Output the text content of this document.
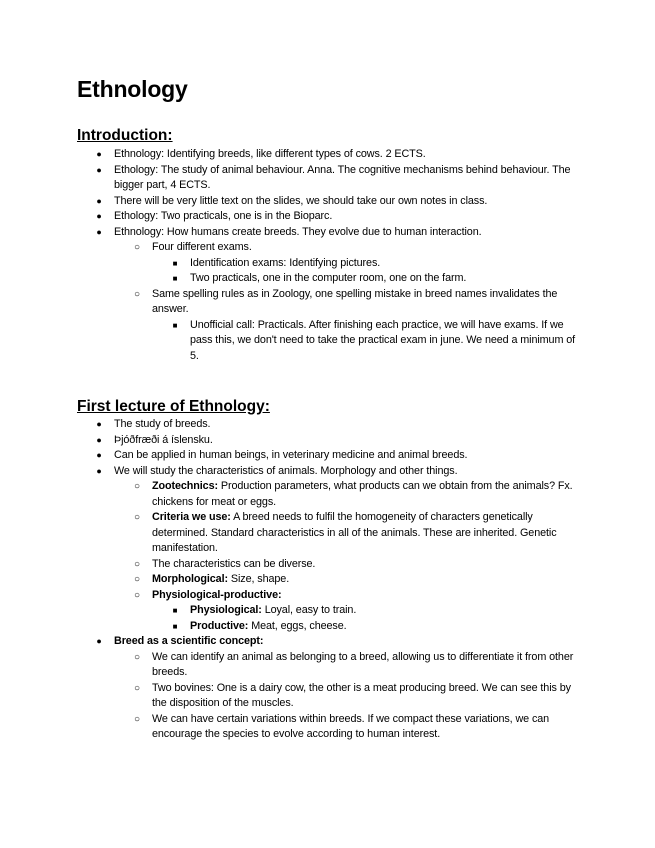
Ethnology
Introduction:
● Ethnology: Identifying breeds, like different types of cows. 2 ECTS.
● Ethology: The study of animal behaviour. Anna. The cognitive mechanisms behind behaviour. The bigger part, 4 ECTS.
● There will be very little text on the slides, we should take our own notes in class.
● Ethology: Two practicals, one is in the Bioparc.
● Ethnology: How humans create breeds. They evolve due to human interaction.
○ Four different exams.
■ Identification exams: Identifying pictures.
■ Two practicals, one in the computer room, one on the farm.
○ Same spelling rules as in Zoology, one spelling mistake in breed names invalidates the answer.
■ Unofficial call: Practicals. After finishing each practice, we will have exams. If we pass this, we don't need to take the practical exam in june. We need a minimum of 5.
First lecture of Ethnology:
● The study of breeds.
● Þjóðfræði á íslensku.
● Can be applied in human beings, in veterinary medicine and animal breeds.
● We will study the characteristics of animals. Morphology and other things.
○ Zootechnics: Production parameters, what products can we obtain from the animals? Fx. chickens for meat or eggs.
○ Criteria we use: A breed needs to fulfil the homogeneity of characters genetically determined. Standard characteristics in all of the animals. These are inherited. Genetic manifestation.
○ The characteristics can be diverse.
○ Morphological: Size, shape.
○ Physiological-productive:
■ Physiological: Loyal, easy to train.
■ Productive: Meat, eggs, cheese.
● Breed as a scientific concept:
○ We can identify an animal as belonging to a breed, allowing us to differentiate it from other breeds.
○ Two bovines: One is a dairy cow, the other is a meat producing breed. We can see this by the disposition of the muscles.
○ We can have certain variations within breeds. If we compact these variations, we can encourage the species to evolve according to human interest.
